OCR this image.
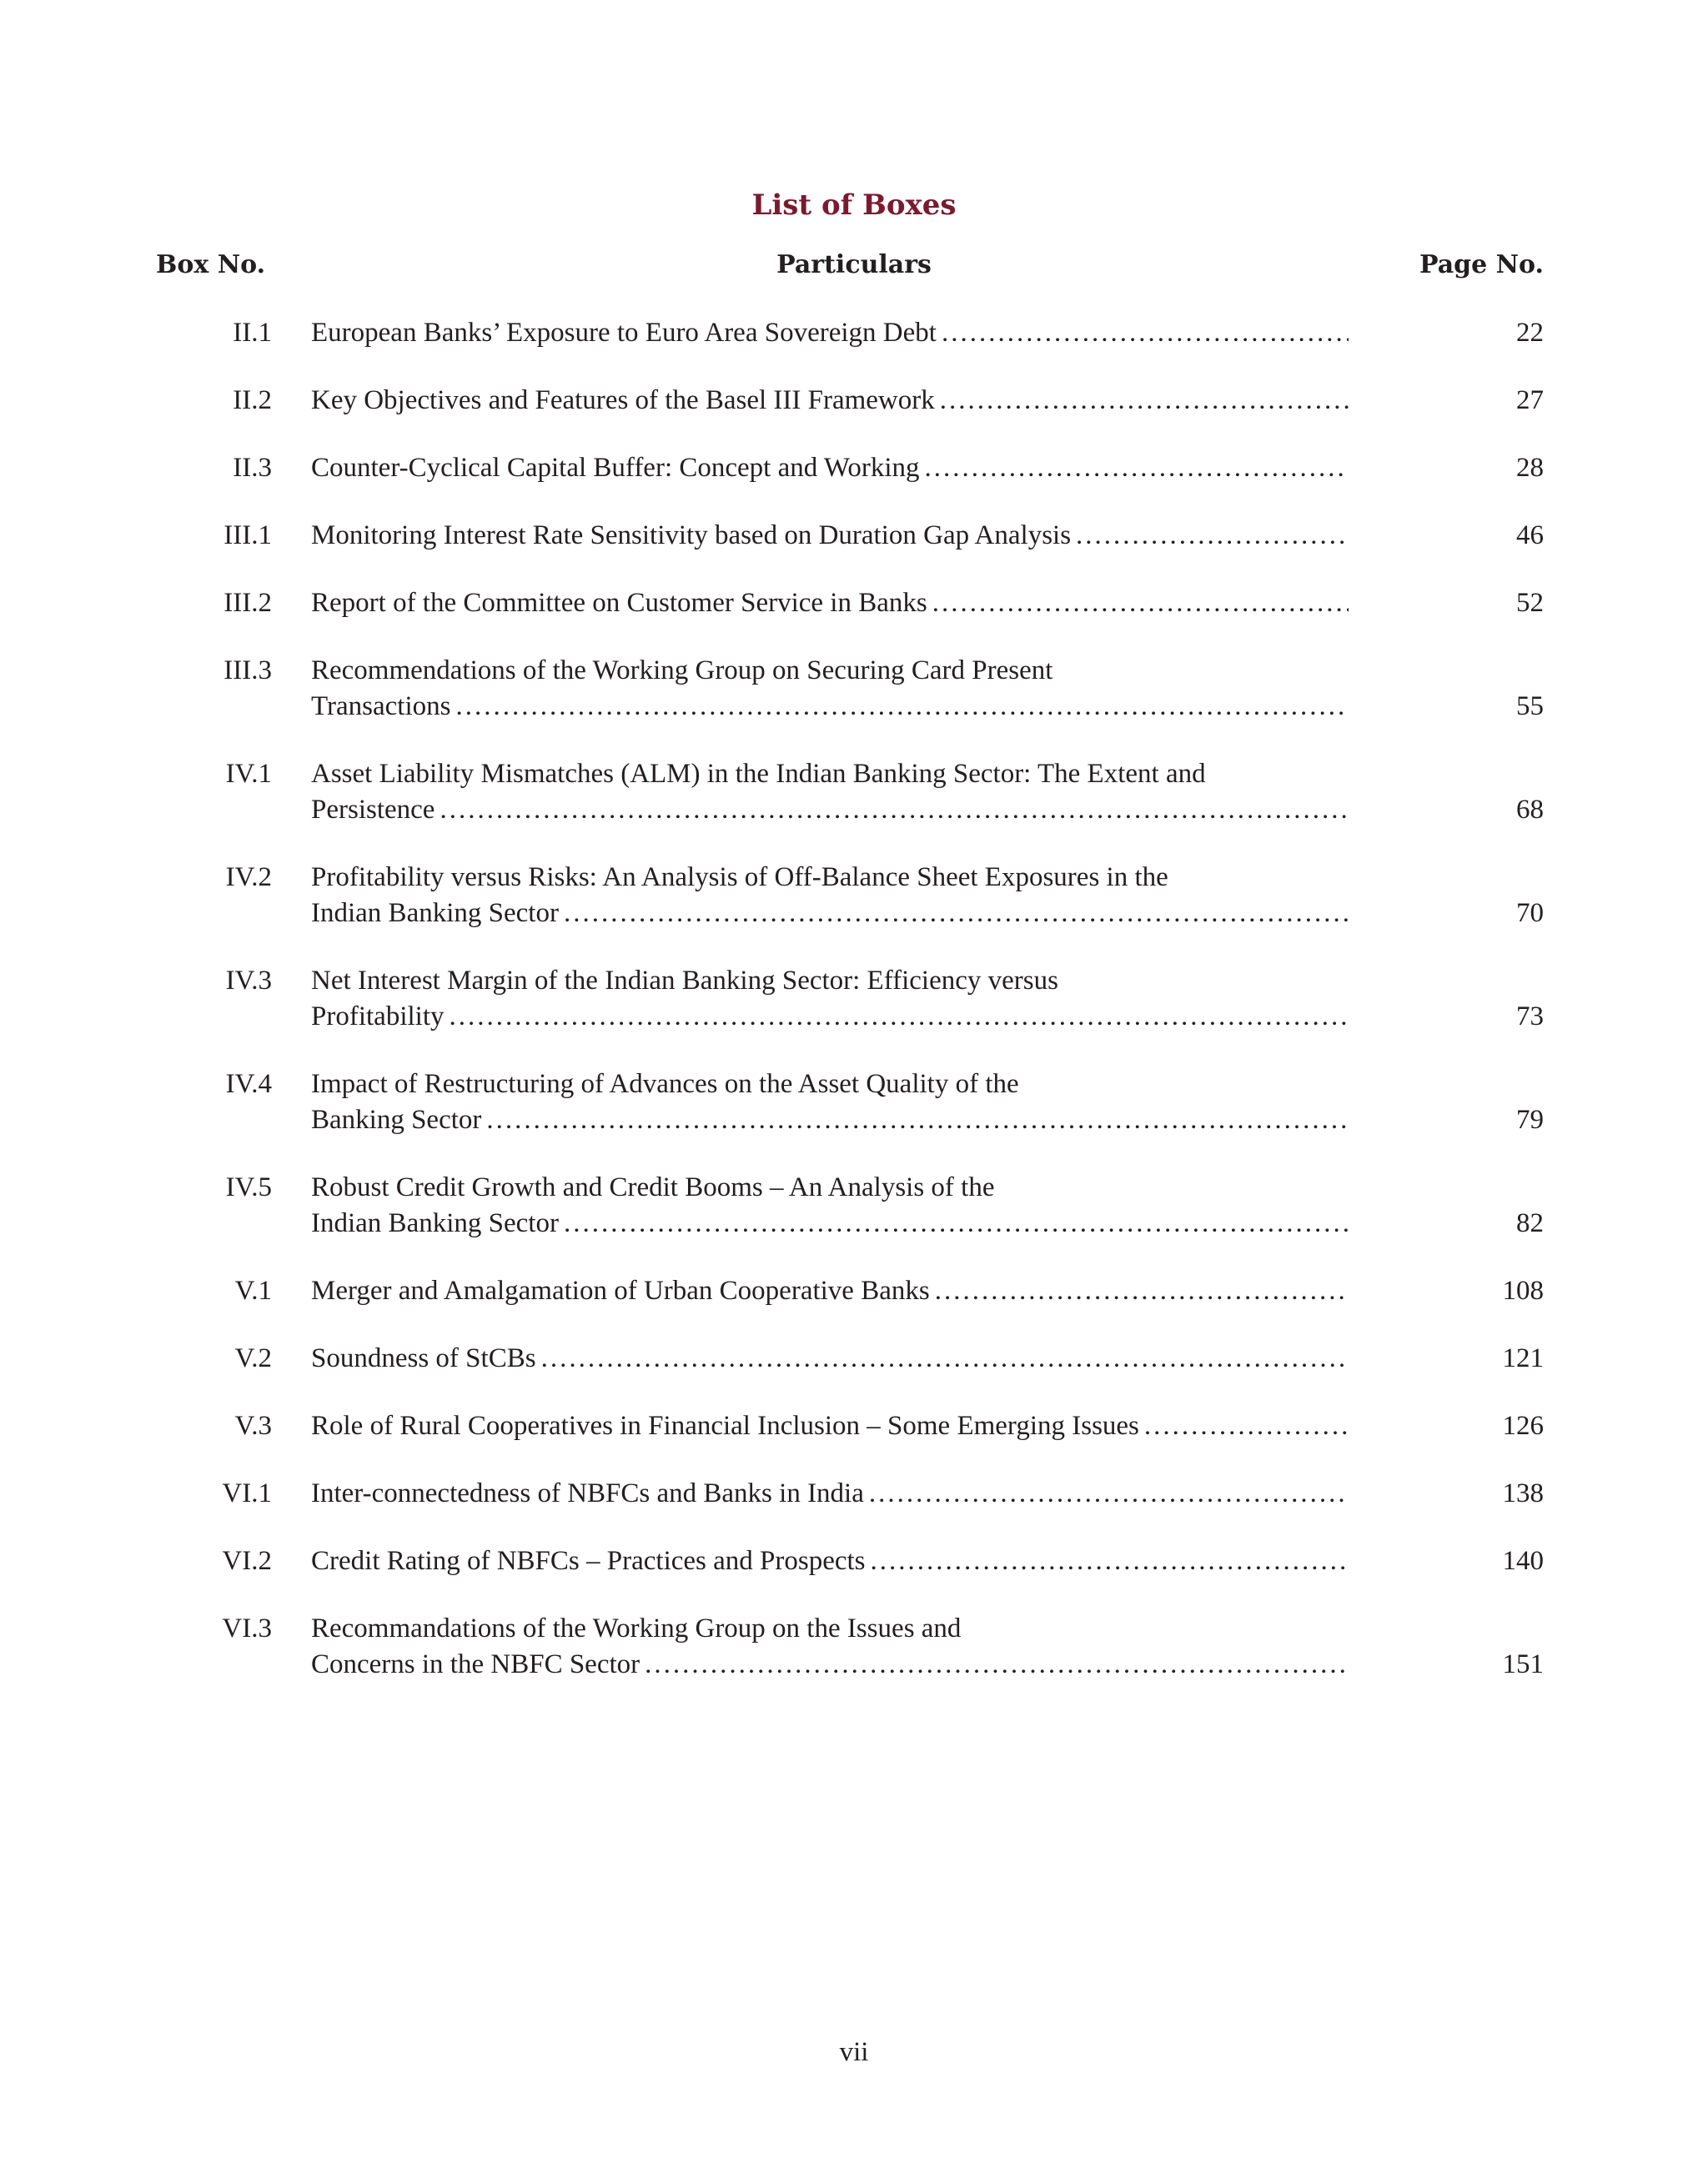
List of Boxes
Box No.	Particulars	Page No.
II.1 European Banks’ Exposure to Euro Area Sovereign Debt .....	22
II.2 Key Objectives and Features of the Basel III Framework .....	27
II.3 Counter-Cyclical Capital Buffer: Concept and Working .....	28
III.1 Monitoring Interest Rate Sensitivity based on Duration Gap Analysis .....	46
III.2 Report of the Committee on Customer Service in Banks .....	52
III.3 Recommendations of the Working Group on Securing Card Present
Transactions .....	55
IV.1 Asset Liability Mismatches (ALM) in the Indian Banking Sector: The Extent and
Persistence .....	68
IV.2 Profitability versus Risks: An Analysis of Off-Balance Sheet Exposures in the
Indian Banking Sector .....	70
IV.3 Net Interest Margin of the Indian Banking Sector: Efficiency versus
Profitability .....	73
IV.4 Impact of Restructuring of Advances on the Asset Quality of the
Banking Sector .....	79
IV.5 Robust Credit Growth and Credit Booms – An Analysis of the
Indian Banking Sector .....	82
V.1 Merger and Amalgamation of Urban Cooperative Banks .....	108
V.2 Soundness of StCBs .....	121
V.3 Role of Rural Cooperatives in Financial Inclusion – Some Emerging Issues .....	126
VI.1 Inter-connectedness of NBFCs and Banks in India .....	138
VI.2 Credit Rating of NBFCs – Practices and Prospects .....	140
VI.3 Recommandations of the Working Group on the Issues and
Concerns in the NBFC Sector .....	151
vii
